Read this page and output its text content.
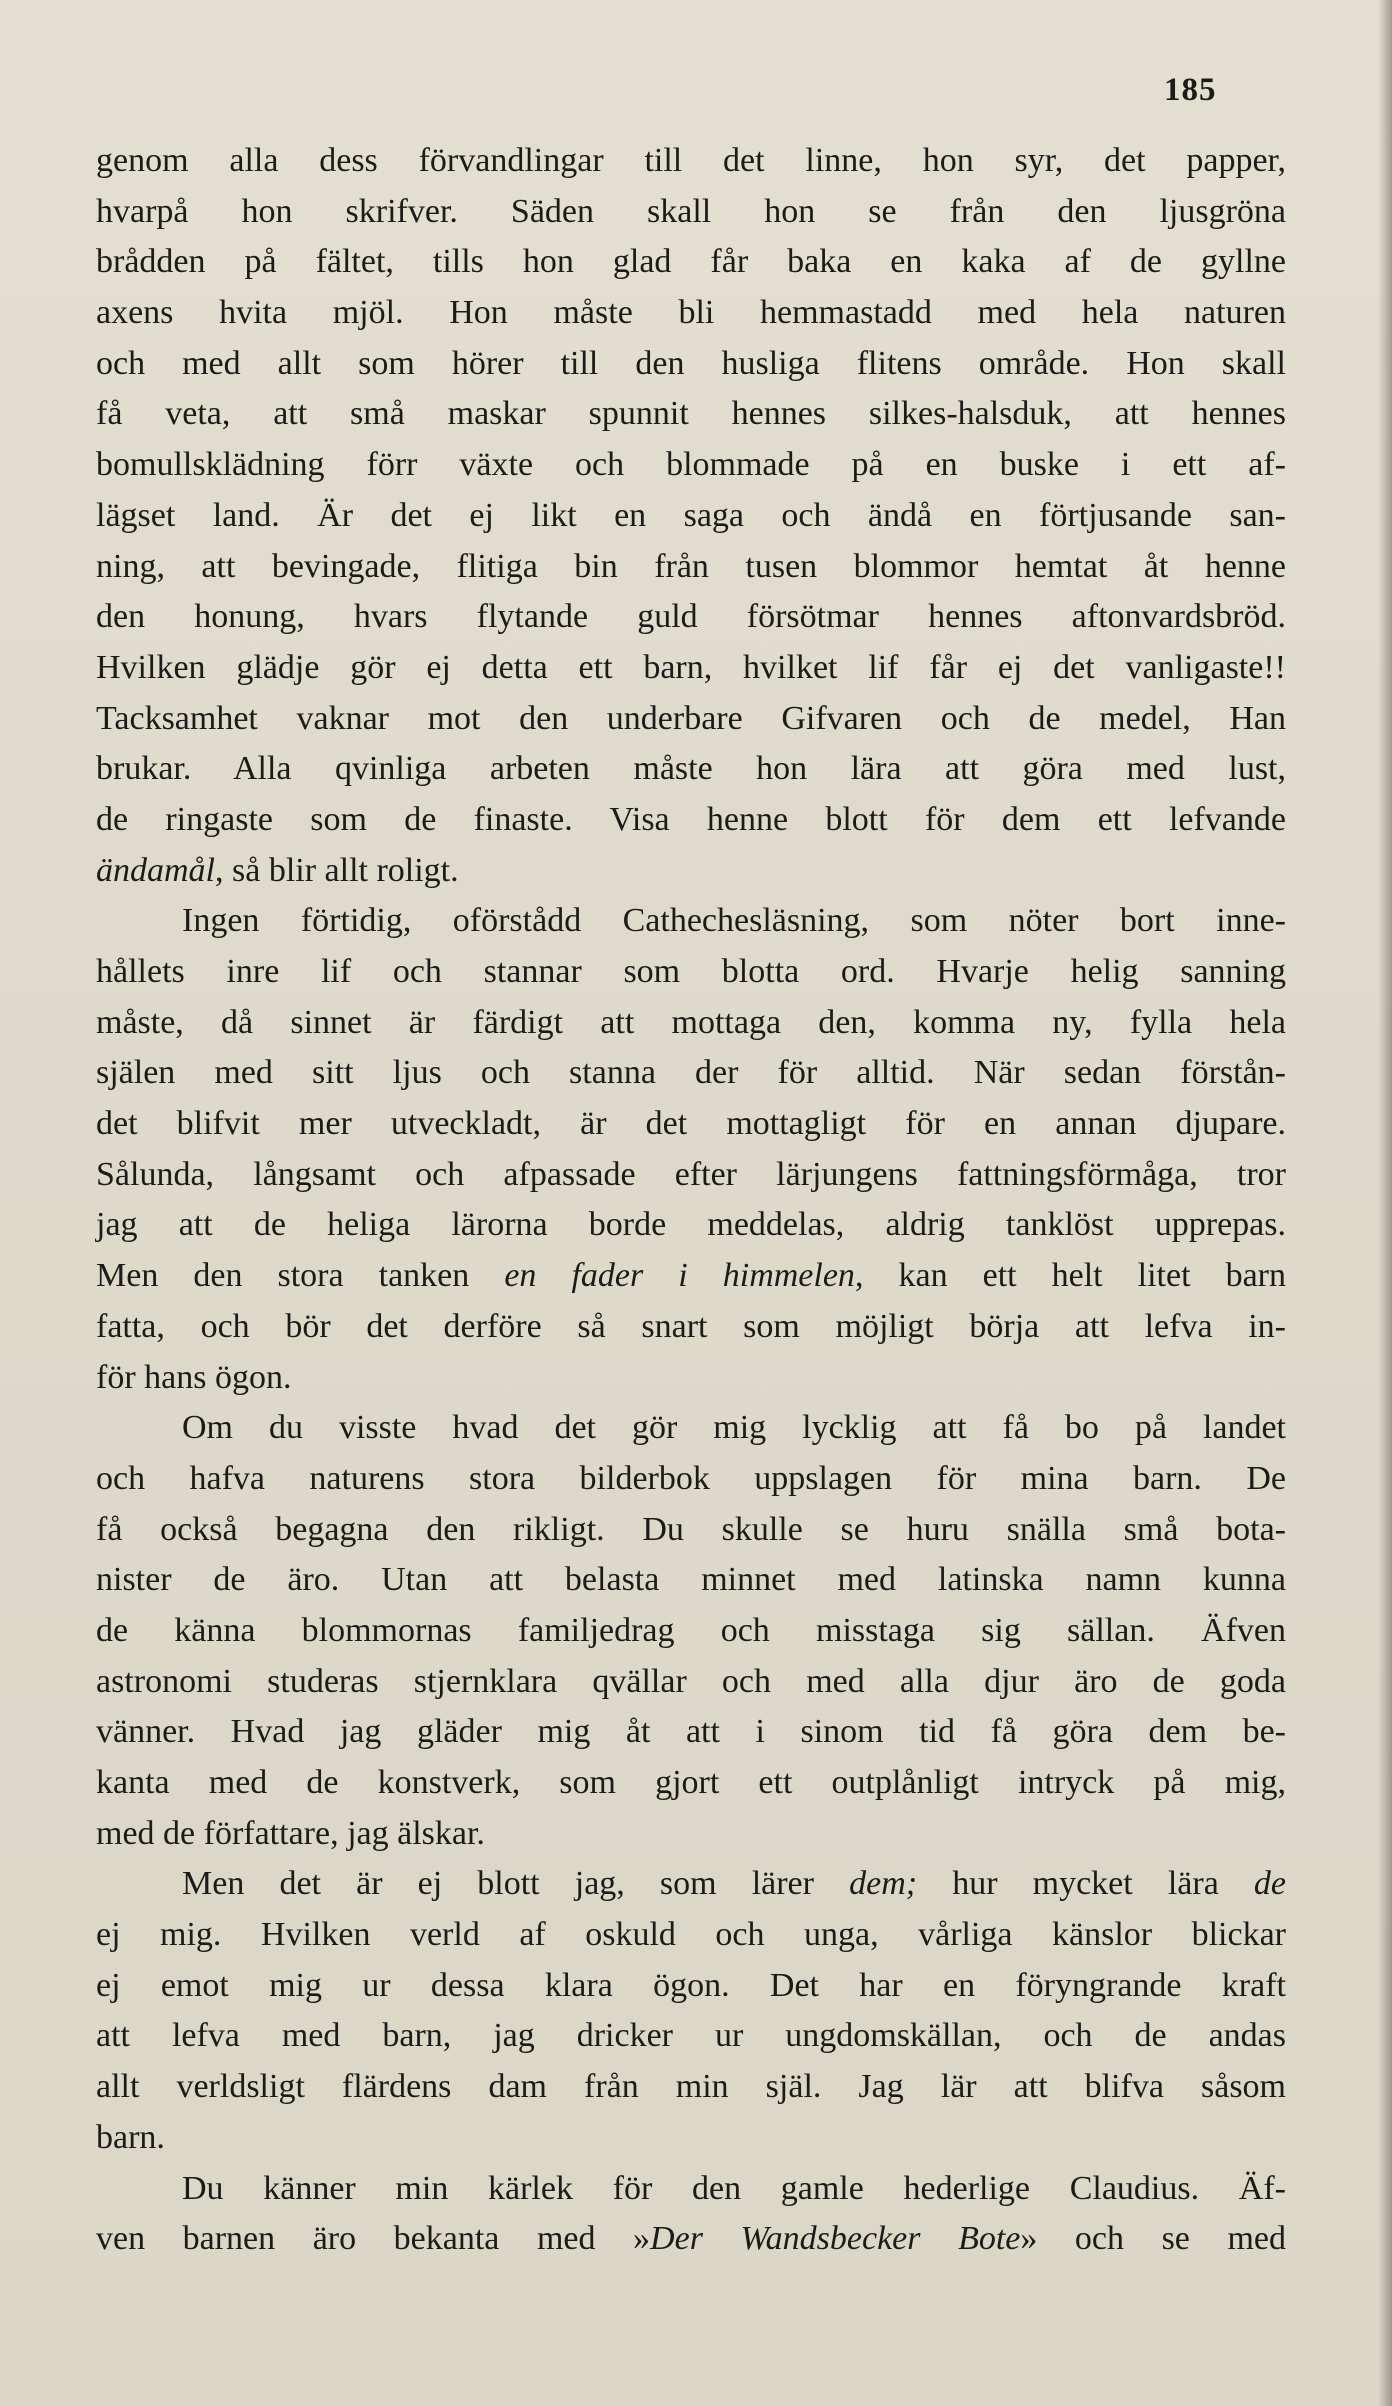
185
genom alla dess förvandlingar till det linne, hon syr, det papper,
hvarpå hon skrifver. Säden skall hon se från den ljusgröna
brådden på fältet, tills hon glad får baka en kaka af de gyllne
axens hvita mjöl. Hon måste bli hemmastadd med hela naturen
och med allt som hörer till den husliga flitens område. Hon skall
få veta, att små maskar spunnit hennes silkes-halsduk, att hennes
bomullsklädning förr växte och blommade på en buske i ett af-
lägset land. Är det ej likt en saga och ändå en förtjusande san-
ning, att bevingade, flitiga bin från tusen blommor hemtat åt henne
den honung, hvars flytande guld försötmar hennes aftonvardsbröd.
Hvilken glädje gör ej detta ett barn, hvilket lif får ej det vanligaste!!
Tacksamhet vaknar mot den underbare Gifvaren och de medel, Han
brukar. Alla qvinliga arbeten måste hon lära att göra med lust,
de ringaste som de finaste. Visa henne blott för dem ett lefvande
ändamål, så blir allt roligt.
Ingen förtidig, oförstådd Cathechesläsning, som nöter bort inne-
hållets inre lif och stannar som blotta ord. Hvarje helig sanning
måste, då sinnet är färdigt att mottaga den, komma ny, fylla hela
själen med sitt ljus och stanna der för alltid. När sedan förstån-
det blifvit mer utveckladt, är det mottagligt för en annan djupare.
Sålunda, långsamt och afpassade efter lärjungens fattningsförmåga, tror
jag att de heliga lärorna borde meddelas, aldrig tanklöst upprepas.
Men den stora tanken en fader i himmelen, kan ett helt litet barn
fatta, och bör det derföre så snart som möjligt börja att lefva in-
för hans ögon.
Om du visste hvad det gör mig lycklig att få bo på landet
och hafva naturens stora bilderbok uppslagen för mina barn. De
få också begagna den rikligt. Du skulle se huru snälla små bota-
nister de äro. Utan att belasta minnet med latinska namn kunna
de känna blommornas familjedrag och misstaga sig sällan. Äfven
astronomi studeras stjernklara qvällar och med alla djur äro de goda
vänner. Hvad jag gläder mig åt att i sinom tid få göra dem be-
kanta med de konstverk, som gjort ett outplånligt intryck på mig,
med de författare, jag älskar.
Men det är ej blott jag, som lärer dem; hur mycket lära de
ej mig. Hvilken verld af oskuld och unga, vårliga känslor blickar
ej emot mig ur dessa klara ögon. Det har en föryngrande kraft
att lefva med barn, jag dricker ur ungdomskällan, och de andas
allt verldsligt flärdens dam från min själ. Jag lär att blifva såsom
barn.
Du känner min kärlek för den gamle hederlige Claudius. Äf-
ven barnen äro bekanta med »Der Wandsbecker Bote» och se med
